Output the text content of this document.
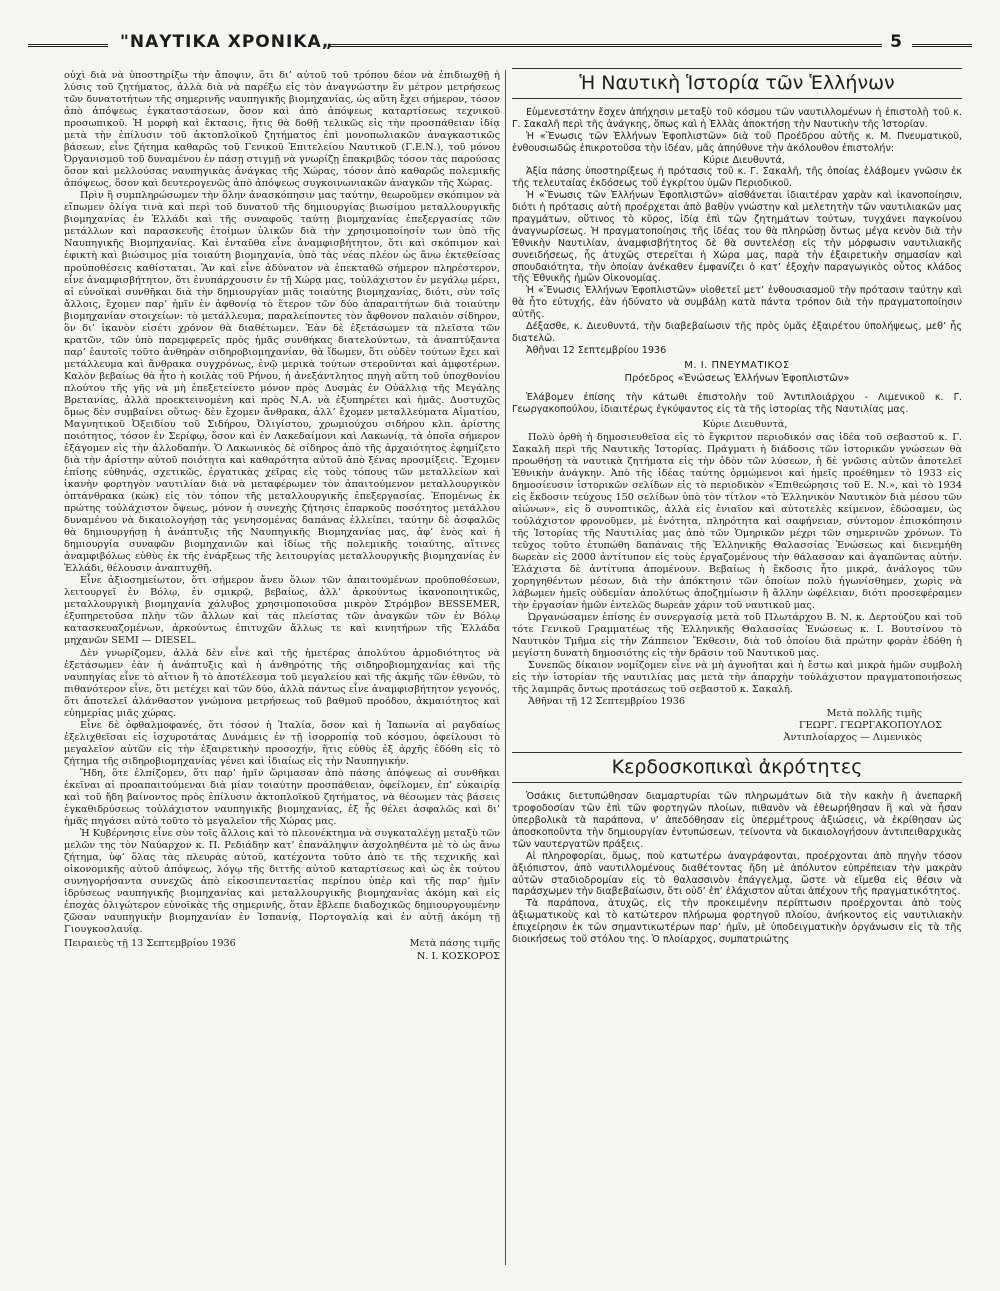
"ΝΑΥΤΙΚΑ ΧΡΟΝΙΚΑ„	5

οὐχὶ διὰ νὰ ὑποστηρίξω τὴν ἄποψιν, ὅτι δι’ αὐτοῦ τοῦ τρόπου δέον νὰ ἐπιδιωχθῇ ἡ λύσις τοῦ ζητήματος, ἀλλὰ διὰ νὰ παρέξω εἰς τὸν ἀναγνώστην ἓν μέτρον μετρήσεως τῶν δυνατοτήτων τῆς σημερινῆς ναυπηγικῆς βιομηχανίας, ὡς αὕτη ἔχει σήμερον, τόσον ἀπὸ ἀπόψεως ἐγκαταστάσεων, ὅσον καὶ ἀπὸ ἀπόψεως καταρτίσεως τεχνικοῦ προσωπικοῦ. Ἡ μορφὴ καὶ ἔκτασις, ἥτις θὰ δοθῇ τελικῶς εἰς τὴν προσπάθειαν ἰδίᾳ μετὰ τὴν ἐπίλυσιν τοῦ ἀκτοπλοϊκοῦ ζητήματος ἐπὶ μονοπωλιακῶν ἀναγκαστικῶς βάσεων, εἶνε ζήτημα καθαρῶς τοῦ Γενικοῦ Ἐπιτελείου Ναυτικοῦ (Γ.Ε.Ν.), τοῦ μόνου Ὀργανισμοῦ τοῦ δυναμένου ἐν πάσῃ στιγμῇ νὰ γνωρίζῃ ἐπακριβῶς τόσον τὰς παρούσας ὅσον καὶ μελλούσας ναυπηγικὰς ἀνάγκας τῆς Χώρας, τόσον ἀπὸ καθαρῶς πολεμικῆς ἀπόψεως, ὅσον καὶ δευτερογενῶς ἀπὸ ἀπόψεως συγκοινωνιακῶν ἀναγκῶν τῆς Χώρας.

Πρὶν ἢ συμπληρώσωμεν τὴν ὅλην ἀνασκόπησιν μας ταύτην, θεωροῦμεν σκόπιμον νὰ εἴπωμεν ὀλίγα τινὰ καὶ περὶ τοῦ δυνατοῦ τῆς δημιουργίας βιωσίμου μεταλλουργικῆς βιομηχανίας ἐν Ἑλλάδι καὶ τῆς συναφοῦς ταύτῃ βιομηχανίας ἐπεξεργασίας τῶν μετάλλων καὶ παρασκευῆς ἑτοίμων ὑλικῶν διὰ τὴν χρησιμοποίησίν των ὑπὸ τῆς Ναυπηγικῆς Βιομηχανίας. Καὶ ἐνταῦθα εἶνε ἀναμφισβήτητον, ὅτι καὶ σκόπιμον καὶ ἐφικτὴ καὶ βιώσιμος μία τοιαύτη βιομηχανία, ὑπὸ τὰς νέας πλέον ὡς ἄνω ἐκτεθείσας προϋποθέσεις καθίσταται. Ἂν καὶ εἶνε ἀδύνατον νὰ ἐπεκταθῶ σήμερον πληρέστερον, εἶνε ἀναμφισβήτητον, ὅτι ἐνυπάρχουσιν ἐν τῇ Χώρᾳ μας, τοὐλάχιστον ἐν μεγάλῳ μέρει, αἱ εὐνοϊκαὶ συνθῆκαι διὰ τὴν δημιουργίαν μιᾶς τοιαύτης βιομηχανίας, διότι, σὺν τοῖς ἄλλοις, ἔχομεν παρ’ ἡμῖν ἐν ἀφθονίᾳ τὸ ἕτερον τῶν δύο ἀπαραιτήτων διὰ τοιαύτην βιομηχανίαν στοιχείων: τὸ μετάλλευμα, παραλείποντες τὸν ἄφθονον παλαιὸν σίδηρον, ὃν δι’ ἱκανὸν εἰσέτι χρόνον θὰ διαθέτωμεν. Ἐὰν δὲ ἐξετάσωμεν τὰ πλεῖστα τῶν κρατῶν, τῶν ὑπὸ παρεμφερεῖς πρὸς ἡμᾶς συνθήκας διατελούντων, τὰ ἀναπτύξαντα παρ’ ἑαυτοῖς τοῦτο ἀνθηρὰν σιδηροβιομηχανίαν, θὰ ἴδωμεν, ὅτι οὐδὲν τούτων ἔχει καὶ μετάλλευμα καὶ ἄνθρακα συγχρόνως, ἐνῷ μερικὰ τούτων στεροῦνται καὶ ἀμφοτέρων. Καλὸν βεβαίως θὰ ἦτο ἡ κοιλὰς τοῦ Ρήνου, ἡ ἀνεξάντλητος πηγὴ αὕτη τοῦ ὑποχθονίου πλούτου τῆς γῆς νὰ μὴ ἐπεξετείνετο μόνον πρὸς Δυσμὰς ἐν Οὐάλλιᾳ τῆς Μεγάλης Βρετανίας, ἀλλὰ προεκτεινομένη καὶ πρὸς Ν.Α. νὰ ἐξυπηρέτει καὶ ἡμᾶς. Δυστυχῶς ὅμως δὲν συμβαίνει οὕτως· δὲν ἔχομεν ἄνθρακα, ἀλλ’ ἔχομεν μεταλλεύματα Αἱματίου, Μαγνητικοῦ Ὀξειδίου τοῦ Σιδήρου, Ὀλιγίστου, χρωμιούχου σιδήρου κλπ. ἀρίστης ποιότητος, τόσον ἐν Σερίφῳ, ὅσον καὶ ἐν Λακεδαίμονι καὶ Λακωνίᾳ, τὰ ὁποῖα σήμερον ἐξάγομεν εἰς τὴν ἀλλοδαπήν. Ὁ Λακωνικὸς δὲ σίδηρος ἀπὸ τῆς ἀρχαιότητος ἐφημίζετο διὰ τὴν ἀρίστην αὐτοῦ ποιότητα καὶ καθαρότητα αὐτοῦ ἀπὸ ξένας προσμίξεις. Ἔχομεν ἐπίσης εὐθηνάς, σχετικῶς, ἐργατικὰς χεῖρας εἰς τοὺς τόπους τῶν μεταλλείων καὶ ἱκανὴν φορτηγὸν ναυτιλίαν διὰ νὰ μεταφέρωμεν τὸν ἀπαιτούμενον μεταλλουργικὸν ὀπτάνθρακα (κὼκ) εἰς τὸν τόπον τῆς μεταλλουργικῆς ἐπεξεργασίας. Ἐπομένως ἐκ πρώτης τοὐλάχιστον ὄψεως, μόνον ἡ συνεχὴς ζήτησις ἐπαρκοῦς ποσότητος μετάλλου δυναμένου νὰ δικαιολογήσῃ τὰς γενησομένας δαπάνας ἐλλείπει, ταύτην δὲ ἀσφαλῶς θὰ δημιουργήσῃ ἡ ἀνάπτυξις τῆς Ναυπηγικῆς Βιομηχανίας μας, ἀφ’ ἑνὸς καὶ ἡ δημιουργία συναφῶν βιομηχανιῶν καὶ ἰδίως τῆς πολεμικῆς τοιαύτης, αἵτινες ἀναμφιβόλως εὐθὺς ἐκ τῆς ἐνάρξεως τῆς λειτουργίας μεταλλουργικῆς βιομηχανίας ἐν Ἑλλάδι, θέλουσιν ἀναπτυχθῆ.

Εἶνε ἀξιοσημείωτον, ὅτι σήμερον ἄνευ ὅλων τῶν ἀπαιτουμένων προϋποθέσεων, λειτουργεῖ ἐν Βόλῳ, ἐν σμικρῷ, βεβαίως, ἀλλ’ ἀρκούντως ἱκανοποιητικῶς, μεταλλουργικὴ βιομηχανία χάλυβος χρησιμοποιοῦσα μικρὸν Στρόμβον BESSEMER, ἐξυπηρετοῦσα πλὴν τῶν ἄλλων καὶ τὰς πλείστας τῶν ἀναγκῶν τῶν ἐν Βόλῳ κατασκευαζομένων, ἀρκούντως ἐπιτυχῶν ἄλλως τε καὶ κινητήρων τῆς Ἑλλάδα μηχανῶν SEMI — DIESEL.

Δὲν γνωρίζομεν, ἀλλὰ δὲν εἶνε καὶ τῆς ἡμετέρας ἀπολύτου ἁρμοδιότητος νὰ ἐξετάσωμεν ἐὰν ἡ ἀνάπτυξις καὶ ἡ ἀνθηρότης τῆς σιδηροβιομηχανίας καὶ τῆς ναυπηγίας εἶνε τὸ αἴτιον ἢ τὸ ἀποτέλεσμα τοῦ μεγαλείου καὶ τῆς ἀκμῆς τῶν ἐθνῶν, τὸ πιθανότερον εἶνε, ὅτι μετέχει καὶ τῶν δύο, ἀλλὰ πάντως εἶνε ἀναμφισβήτητον γεγονός, ὅτι ἀποτελεῖ ἀλάνθαστον γνώμονα μετρήσεως τοῦ βαθμοῦ προόδου, ἀκμαιότητος καὶ εὐημερίας μιᾶς χώρας.

Εἶνε δὲ ὀφθαλμοφανές, ὅτι τόσον ἡ Ἰταλία, ὅσον καὶ ἡ Ἰαπωνία αἱ ραγδαίως ἐξελιχθεῖσαι εἰς ἰσχυροτάτας Δυνάμεις ἐν τῇ ἰσορροπίᾳ τοῦ κόσμου, ὀφείλουσι τὸ μεγαλεῖον αὐτῶν εἰς τὴν ἐξαιρετικὴν προσοχήν, ἥτις εὐθὺς ἐξ ἀρχῆς ἐδόθη εἰς τὸ ζήτημα τῆς σιδηροβιομηχανίας γένει καὶ ἰδιαίως εἰς τὴν Ναυπηγικήν.

Ἤδη, ὅτε ἐλπίζομεν, ὅτι παρ’ ἡμῖν ὥριμασαν ἀπὸ πάσης ἀπόψεως αἱ συνθῆκαι ἐκεῖναι αἱ προαπαιτούμεναι διὰ μίαν τοιαύτην προσπάθειαν, ὀφείλομεν, ἐπ’ εὐκαιρίᾳ καὶ τοῦ ἤδη βαίνοντος πρὸς ἐπίλυσιν ἀκτοπλοϊκοῦ ζητήματος, νὰ θέσωμεν τὰς βάσεις ἐγκαθιδρύσεως τοὐλάχιστον ναυπηγικῆς βιομηχανίας, ἐξ ἧς θέλει ἀσφαλῶς καὶ δι’ ἡμᾶς πηγάσει αὐτὸ τοῦτο τὸ μεγαλεῖον τῆς Χώρας μας.

Ἡ Κυβέρνησις εἶνε σὺν τοῖς ἄλλοις καὶ τὸ πλεονέκτημα νὰ συγκαταλέγῃ μεταξὺ τῶν μελῶν της τὸν Ναύαρχον κ. Π. Ρεδιάδην κατ’ ἐπανάληψιν ἀσχοληθέντα μὲ τὸ ὡς ἄνω ζήτημα, ὑφ’ ὅλας τὰς πλευρὰς αὐτοῦ, κατέχοντα τοῦτο ἀπὸ τε τῆς τεχνικῆς καὶ οἰκονομικῆς αὐτοῦ ἀπόψεως, λόγῳ τῆς διττῆς αὐτοῦ καταρτίσεως καὶ ὡς ἐκ τούτου συνηγορήσαντα συνεχῶς ἀπὸ εἰκοσιπενταετίας περίπου ὑπὲρ καὶ τῆς παρ’ ἡμῖν ἱδρύσεως ναυπηγικῆς βιομηχανίας καὶ μεταλλουργικῆς βιομηχανίας ἀκόμη καὶ εἰς ἐποχὰς ὀλιγώτερον εὐνοϊκὰς τῆς σημερινῆς, ὅταν ἔβλεπε διαδοχικῶς δημιουργουμένην ζῶσαν ναυπηγικὴν βιομηχανίαν ἐν Ἰσπανίᾳ, Πορτογαλίᾳ καὶ ἐν αὐτῇ ἀκόμη τῇ Γιουγκοσλαυΐᾳ.

Πειραιεὺς τῇ 13 Σεπτεμβρίου 1936	Μετὰ πάσης τιμῆς
Ν. Ι. ΚΟΣΚΟΡΟΣ
Ἡ Ναυτικὴ Ἱστορία τῶν Ἑλλήνων

Εὐμενεστάτην ἔσχεν ἀπήχησιν μεταξὺ τοῦ κόσμου τῶν ναυτιλλομένων ἡ ἐπιστολὴ τοῦ κ. Γ. Σακαλῆ περὶ τῆς ἀνάγκης, ὅπως καὶ ἡ Ἑλλὰς ἀποκτήσῃ τὴν Ναυτικὴν τῆς Ἱστορίαν.

Ἡ «Ἕνωσις τῶν Ἑλλήνων Ἐφοπλιστῶν» διὰ τοῦ Προέδρου αὐτῆς κ. Μ. Πνευματικοῦ, ἐνθουσιωδῶς ἐπικροτοῦσα τὴν ἰδέαν, μᾶς ἀπηύθυνε τὴν ἀκόλουθον ἐπιστολήν:

Κύριε Διευθυντά,

Ἀξία πάσης ὑποστηρίξεως ἡ πρότασις τοῦ κ. Γ. Σακαλῆ, τῆς ὁποίας ἐλάβομεν γνῶσιν ἐκ τῆς τελευταίας ἐκδόσεως τοῦ ἐγκρίτου ὑμῶν Περιοδικοῦ.

Ἡ «Ἕνωσις τῶν Ἑλλήνων Ἐφοπλιστῶν» αἰσθάνεται ἰδιαιτέραν χαρὰν καὶ ἱκανοποίησιν, διότι ἡ πρότασις αὐτὴ προέρχεται ἀπὸ βαθὺν γνώστην καὶ μελετητὴν τῶν ναυτιλιακῶν μας πραγμάτων, οὕτινος τὸ κῦρος, ἰδίᾳ ἐπὶ τῶν ζητημάτων τούτων, τυγχάνει παγκοίνου ἀναγνωρίσεως. Ἡ πραγματοποίησις τῆς ἰδέας του θὰ πληρώσῃ ὄντως μέγα κενὸν διὰ τὴν Ἐθνικὴν Ναυτιλίαν, ἀναμφισβήτητος δὲ θὰ συντελέσῃ εἰς τὴν μόρφωσιν ναυτιλιακῆς συνειδήσεως, ἧς ἀτυχῶς στερεῖται ἡ Χώρα μας, παρὰ τὴν ἐξαιρετικὴν σημασίαν καὶ σπουδαιότητα, τὴν ὁποίαν ἀνέκαθεν ἐμφανίζει ὁ κατ’ ἐξοχὴν παραγωγικὸς οὗτος κλάδος τῆς Ἐθνικῆς ἡμῶν Οἰκονομίας.

Ἡ «Ἕνωσις Ἑλλήνων Ἐφοπλιστῶν» υἱοθετεῖ μετ’ ἐνθουσιασμοῦ τὴν πρότασιν ταύτην καὶ θὰ ἦτο εὐτυχής, ἐὰν ἠδύνατο νὰ συμβάλῃ κατὰ πάντα τρόπον διὰ τὴν πραγματοποίησιν αὐτῆς.

Δέξασθε, κ. Διευθυντά, τὴν διαβεβαίωσιν τῆς πρὸς ὑμᾶς ἐξαιρέτου ὑπολήψεως, μεθ’ ἧς διατελῶ.

Ἀθῆναι 12 Σεπτεμβρίου 1936

Μ. Ι. ΠΝΕΥΜΑΤΙΚΟΣ
Πρόεδρος «Ἑνώσεως Ἑλλήνων Ἐφοπλιστῶν»

Ἐλάβομεν ἐπίσης τὴν κάτωθι ἐπιστολὴν τοῦ Ἀντιπλοιάρχου - Λιμενικοῦ κ. Γ. Γεωργακοπούλου, ἰδιαιτέρως ἐγκύψαντος εἰς τὰ τῆς ἱστορίας τῆς Ναυτιλίας μας.

Κύριε Διευθυντά,

Πολὺ ὀρθὴ ἡ δημοσιευθεῖσα εἰς τὸ ἔγκριτον περιοδικόν σας ἰδέα τοῦ σεβαστοῦ κ. Γ. Σακαλῆ περὶ τῆς Ναυτικῆς Ἱστορίας. Πράγματι ἡ διάδοσις τῶν ἱστορικῶν γνώσεων θὰ προωθήσῃ τὰ ναυτικὰ ζητήματα εἰς τὴν ὁδὸν τῶν λύσεων, ἡ δὲ γνῶσις αὐτῶν ἀποτελεῖ Ἐθνικὴν ἀνάγκην. Ἀπὸ τῆς ἰδέας ταύτης ὁρμώμενοι καὶ ἡμεῖς προέθημεν τὸ 1933 εἰς δημοσίευσιν ἱστορικῶν σελίδων εἰς τὸ περιοδικὸν «Ἐπιθεώρησις τοῦ Ε. Ν.», καὶ τὸ 1934 εἰς ἔκδοσιν τεύχους 150 σελίδων ὑπὸ τὸν τίτλον «τὸ Ἑλληνικὸν Ναυτικὸν διὰ μέσου τῶν αἰώνων», εἰς ὃ συνοπτικῶς, ἀλλὰ εἰς ἑνιαῖον καὶ αὐτοτελὲς κείμενον, ἐδώσαμεν, ὡς τοὐλάχιστον φρονοῦμεν, μὲ ἑνότητα, πληρότητα καὶ σαφήνειαν, σύντομον ἐπισκόπησιν τῆς Ἱστορίας τῆς Ναυτιλίας μας ἀπὸ τῶν Ὁμηρικῶν μέχρι τῶν σημερινῶν χρόνων. Τὸ τεῦχος τοῦτο ἐτυπώθη δαπάναις τῆς Ἑλληνικῆς Θαλασσίας Ἑνώσεως καὶ διενεμήθη δωρεὰν εἰς 2000 ἀντίτυπον εἰς τοὺς ἐργαζομένους τὴν θάλασσαν καὶ ἀγαπῶντας αὐτήν. Ἐλάχιστα δὲ ἀντίτυπα ἀπομένουν. Βεβαίως ἡ ἔκδοσις ἦτο μικρά, ἀνάλογος τῶν χορηγηθέντων μέσων, διὰ τὴν ἀπόκτησιν τῶν ὁποίων πολὺ ἠγωνίσθημεν, χωρὶς νὰ λάβωμεν ἡμεῖς οὐδεμίαν ἀπολύτως ἀποζημίωσιν ἢ ἄλλην ὠφέλειαν, διότι προσεφέραμεν τὴν ἐργασίαν ἡμῶν ἐντελῶς δωρεὰν χάριν τοῦ ναυτικοῦ μας.

Ὠργανώσαμεν ἐπίσης ἐν συνεργασίᾳ μετὰ τοῦ Πλωτάρχου Β. Ν. κ. Δερτούζου καὶ τοῦ τότε Γενικοῦ Γραμματέως τῆς Ἑλληνικῆς Θαλασσίας Ἑνώσεως κ. Ι. Βουτσίνου τὸ Ναυτικὸν Τμῆμα εἰς τὴν Ζάππειον Ἔκθεσιν, διὰ τοῦ ὁποίου διὰ πρώτην φορὰν ἐδόθη ἡ μεγίστη δυνατὴ δημοσιότης εἰς τὴν δρᾶσιν τοῦ Ναυτικοῦ μας.

Συνεπῶς δίκαιον νομίζομεν εἶνε νὰ μὴ ἀγνοῆται καὶ ἡ ἔστω καὶ μικρὰ ἡμῶν συμβολὴ εἰς τὴν ἱστορίαν τῆς ναυτιλίας μας μετὰ τὴν ἀπαρχὴν τοὐλάχιστον πραγματοποιήσεως τῆς λαμπρᾶς ὄντως προτάσεως τοῦ σεβαστοῦ κ. Σακαλῆ.

Ἀθῆναι τῇ 12 Σεπτεμβρίου 1936

Μετὰ πολλῆς τιμῆς

ΓΕΩΡΓ. ΓΕΩΡΓΑΚΟΠΟΥΛΟΣ

Ἀντιπλοίαρχος — Λιμενικὸς

Κερδοσκοπικαὶ ἀκρότητες

Ὁσάκις διετυπώθησαν διαμαρτυρίαι τῶν πληρωμάτων διὰ τὴν κακὴν ἢ ἀνεπαρκῆ τροφοδοσίαν τῶν ἐπὶ τῶν φορτηγῶν πλοίων, πιθανὸν νὰ ἐθεωρήθησαν ἢ καὶ νὰ ἦσαν ὑπερβολικὰ τὰ παράπονα, ν’ ἀπεδόθησαν εἰς ὑπερμέτρους ἀξιώσεις, νὰ ἐκρίθησαν ὡς ἀποσκοποῦντα τὴν δημιουργίαν ἐντυπώσεων, τείνοντα νὰ δικαιολογήσουν ἀντιπειθαρχικὰς τῶν ναυτεργατῶν πράξεις.

Αἱ πληροφορίαι, ὅμως, ποὺ κατωτέρω ἀναγράφονται, προέρχονται ἀπὸ πηγὴν τόσον ἀξιόπιστον, ἀπὸ ναυτιλλομένους διαθέτοντας ἤδη μὲ ἀπόλυτον εὐπρέπειαν τὴν μακρὰν αὐτῶν σταδιοδρομίαν εἰς τὸ θαλασσινὸν ἐπάγγελμα, ὥστε νὰ εἴμεθα εἰς θέσιν νὰ παράσχωμεν τὴν διαβεβαίωσιν, ὅτι οὐδ’ ἐπ’ ἐλάχιστον αὗται ἀπέχουν τῆς πραγματικότητος.

Τὰ παράπονα, ἀτυχῶς, εἰς τὴν προκειμένην περίπτωσιν προέρχονται ἀπὸ τοὺς ἀξιωματικοὺς καὶ τὸ κατώτερον πλήρωμα φορτηγοῦ πλοίου, ἀνήκοντος εἰς ναυτιλιακὴν ἐπιχείρησιν ἐκ τῶν σημαντικωτέρων παρ’ ἡμῖν, μὲ ὑποδειγματικὴν ὀργάνωσιν εἰς τὰ τῆς διοικήσεως τοῦ στόλου της. Ὁ πλοίαρχος, συμπατριώτης
